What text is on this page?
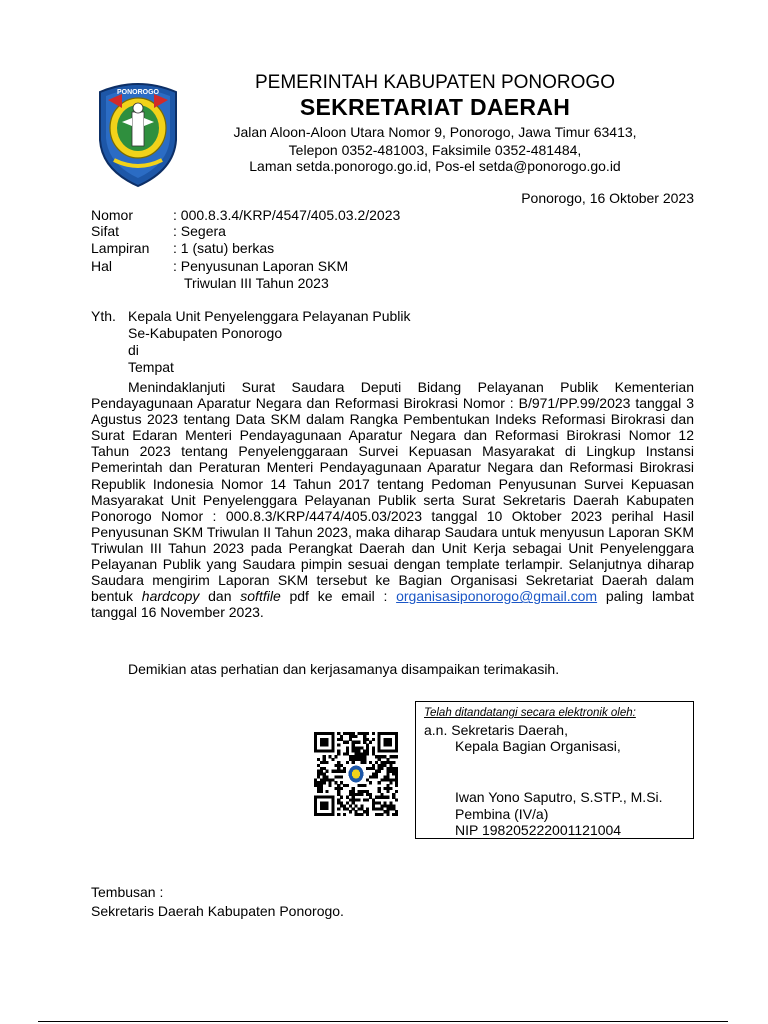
PONOROGO	PEMERINTAH KABUPATEN PONOROGO
SEKRETARIAT DAERAH
Jalan Aloon-Aloon Utara Nomor 9, Ponorogo, Jawa Timur 63413,
Telepon 0352-481003, Faksimile 0352-481484,
Laman setda.ponorogo.go.id, Pos-el setda@ponorogo.go.id
Ponorogo, 16 Oktober 2023
Nomor	: 000.8.3.4/KRP/4547/405.03.2/2023
Sifat	: Segera
Lampiran : 1 (satu) berkas
Hal	: Penyusunan Laporan SKM
Triwulan III Tahun 2023
Yth. Kepala Unit Penyelenggara Pelayanan Publik
Se-Kabupaten Ponorogo
di
Tempat

Menindaklanjuti Surat Saudara Deputi Bidang Pelayanan Publik Kementerian Pendayagunaan Aparatur Negara dan Reformasi Birokrasi Nomor : B/971/PP.99/2023 tanggal 3 Agustus 2023 tentang Data SKM dalam Rangka Pembentukan Indeks Reformasi Birokrasi dan Surat Edaran Menteri Pendayagunaan Aparatur Negara dan Reformasi Birokrasi Nomor 12 Tahun 2023 tentang Penyelenggaraan Survei Kepuasan Masyarakat di Lingkup Instansi Pemerintah dan Peraturan Menteri Pendayagunaan Aparatur Negara dan Reformasi Birokrasi Republik Indonesia Nomor 14 Tahun 2017 tentang Pedoman Penyusunan Survei Kepuasan Masyarakat Unit Penyelenggara Pelayanan Publik serta Surat Sekretaris Daerah Kabupaten Ponorogo Nomor : 000.8.3/KRP/4474/405.03/2023 tanggal 10 Oktober 2023 perihal Hasil Penyusunan SKM Triwulan II Tahun 2023, maka diharap Saudara untuk menyusun Laporan SKM Triwulan III Tahun 2023 pada Perangkat Daerah dan Unit Kerja sebagai Unit Penyelenggara Pelayanan Publik yang Saudara pimpin sesuai dengan template terlampir. Selanjutnya diharap Saudara mengirim Laporan SKM tersebut ke Bagian Organisasi Sekretariat Daerah dalam bentuk hardcopy dan softfile pdf ke email : organisasiponorogo@gmail.com paling lambat tanggal 16 November 2023.

Demikian atas perhatian dan kerjasamanya disampaikan terimakasih.
Telah ditandatangi secara elektronik oleh:
a.n. Sekretaris Daerah,
Kepala Bagian Organisasi,
Iwan Yono Saputro, S.STP., M.Si.
Pembina (IV/a)
NIP 198205222001121004
Tembusan :
Sekretaris Daerah Kabupaten Ponorogo.
